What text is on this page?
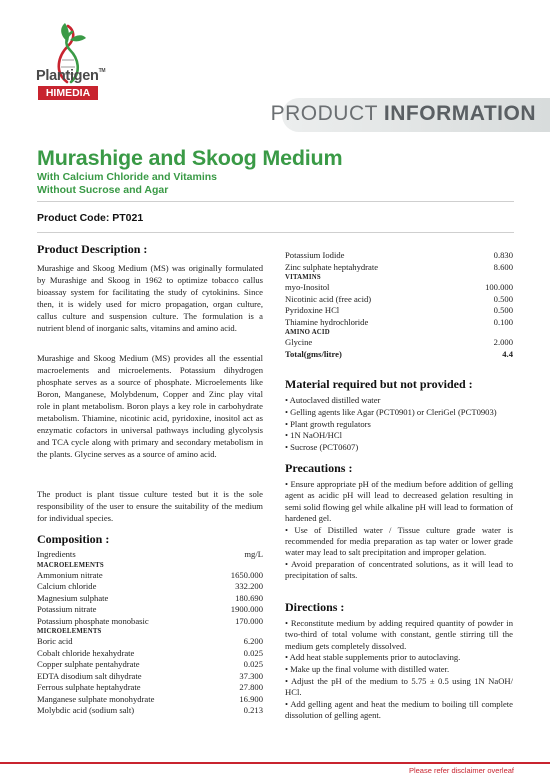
Plantigen™
HIMEDIA
PRODUCT INFORMATION
Murashige and Skoog Medium
With Calcium Chloride and Vitamins
Without Sucrose and Agar
Product Code: PT021
Product Description :
Murashige and Skoog Medium (MS) was originally formulated by Murashige and Skoog in 1962 to optimize tobacco callus bioassay system for facilitating the study of cytokinins. Since then, it is widely used for micro propagation, organ culture, callus culture and suspension culture. The formulation is a nutrient blend of inorganic salts, vitamins and amino acid.
Murashige and Skoog Medium (MS) provides all the essential macroelements and microelements. Potassium dihydrogen phosphate serves as a source of phosphate. Microelements like Boron, Manganese, Molybdenum, Copper and Zinc play vital role in plant metabolism. Boron plays a key role in carbohydrate metabolism. Thiamine, nicotinic acid, pyridoxine, inositol act as enzymatic cofactors in universal pathways including glycolysis and TCA cycle along with primary and secondary metabolism in the plants. Glycine serves as a source of amino acid.
The product is plant tissue culture tested but it is the sole responsibility of the user to ensure the suitability of the medium for individual species.
Composition :
Ingredients	mg/L
MACROELEMENTS
Ammonium nitrate	1650.000
Calcium chloride	332.200
Magnesium sulphate	180.690
Potassium nitrate	1900.000
Potassium phosphate monobasic	170.000
MICROELEMENTS
Boric acid	6.200
Cobalt chloride hexahydrate	0.025
Copper sulphate pentahydrate	0.025
EDTA disodium salt dihydrate	37.300
Ferrous sulphate heptahydrate	27.800
Manganese sulphate monohydrate	16.900
Molybdic acid (sodium salt)	0.213
Potassium Iodide	0.830
Zinc sulphate heptahydrate	8.600
VITAMINS
myo-Inositol	100.000
Nicotinic acid (free acid)	0.500
Pyridoxine HCl	0.500
Thiamine hydrochloride	0.100
AMINO ACID
Glycine	2.000
Total(gms/litre)	4.4
Material required but not provided :
• Autoclaved distilled water
• Gelling agents like Agar (PCT0901) or CleriGel (PCT0903)
• Plant growth regulators
• 1N NaOH/HCl
• Sucrose (PCT0607)
Precautions :
• Ensure appropriate pH of the medium before addition of gelling agent as acidic pH will lead to decreased gelation resulting in semi solid flowing gel while alkaline pH will lead to formation of hardened gel.
• Use of Distilled water / Tissue culture grade water is recommended for media preparation as tap water or lower grade water may lead to salt precipitation and improper gelation.
• Avoid preparation of concentrated solutions, as it will lead to precipitation of salts.
Directions :
• Reconstitute medium by adding required quantity of powder in two-third of total volume with constant, gentle stirring till the medium gets completely dissolved.
• Add heat stable supplements prior to autoclaving.
• Make up the final volume with distilled water.
• Adjust the pH of the medium to 5.75 ± 0.5 using 1N NaOH/ HCl.
• Add gelling agent and heat the medium to boiling till complete dissolution of gelling agent.
Please refer disclaimer overleaf
